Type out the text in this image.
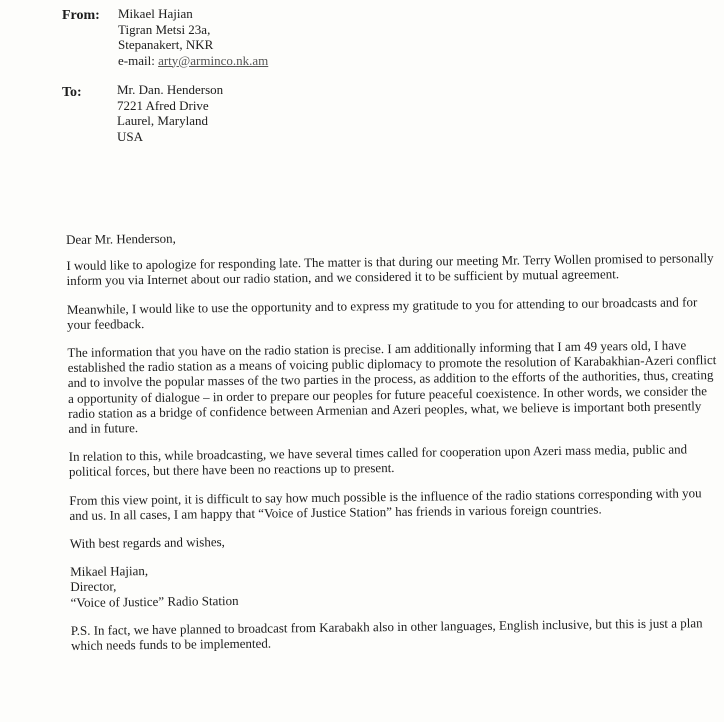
From: Mikael Hajian
Tigran Metsi 23a,
Stepanakert, NKR
e-mail: arty@arminco.nk.am
To:	Mr. Dan. Henderson
7221 Afred Drive
Laurel, Maryland
USA

Dear Mr. Henderson,

I would like to apologize for responding late. The matter is that during our meeting Mr. Terry Wollen promised to personally inform you via Internet about our radio station, and we considered it to be sufficient by mutual agreement.

Meanwhile, I would like to use the opportunity and to express my gratitude to you for attending to our broadcasts and for your feedback.

The information that you have on the radio station is precise. I am additionally informing that I am 49 years old, I have established the radio station as a means of voicing public diplomacy to promote the resolution of Karabakhian-Azeri conflict and to involve the popular masses of the two parties in the process, as addition to the efforts of the authorities, thus, creating a opportunity of dialogue – in order to prepare our peoples for future peaceful coexistence. In other words, we consider the radio station as a bridge of confidence between Armenian and Azeri peoples, what, we believe is important both presently and in future.

In relation to this, while broadcasting, we have several times called for cooperation upon Azeri mass media, public and political forces, but there have been no reactions up to present.

From this view point, it is difficult to say how much possible is the influence of the radio stations corresponding with you and us. In all cases, I am happy that “Voice of Justice Station” has friends in various foreign countries.

With best regards and wishes,

Mikael Hajian,
Director,
“Voice of Justice” Radio Station

P.S. In fact, we have planned to broadcast from Karabakh also in other languages, English inclusive, but this is just a plan which needs funds to be implemented.
